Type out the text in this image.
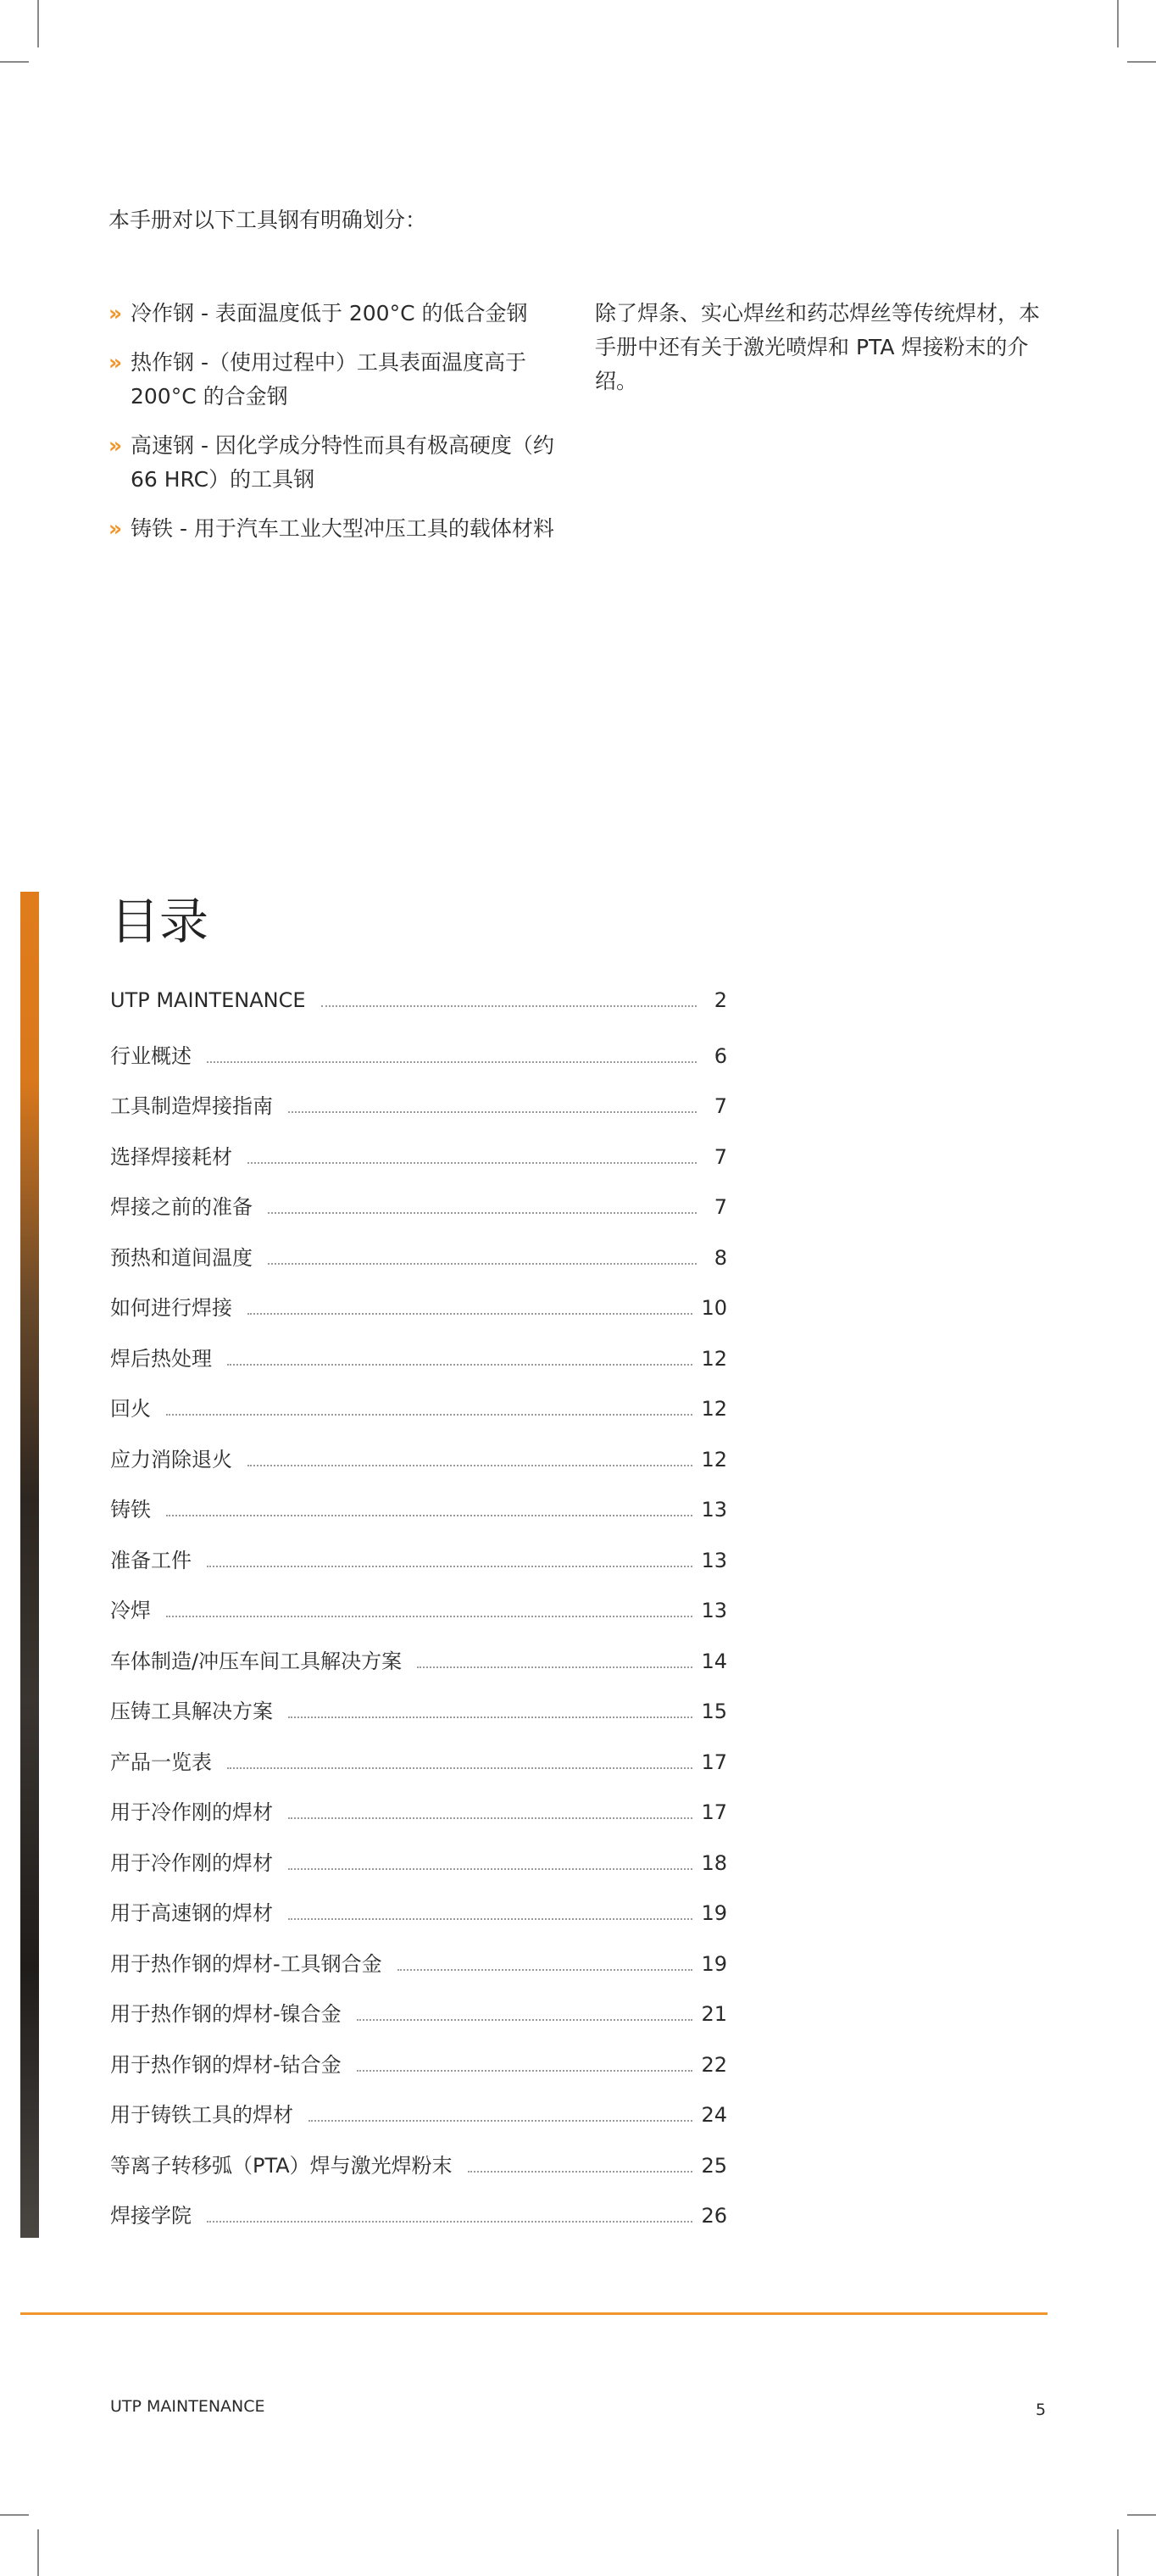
本手册对以下工具钢有明确划分：
» 冷作钢 - 表面温度低于 200°C 的低合金钢
» 热作钢 -（使用过程中）工具表面温度高于 200°C 的合金钢
» 高速钢 - 因化学成分特性而具有极高硬度（约 66 HRC）的工具钢
» 铸铁 - 用于汽车工业大型冲压工具的载体材料

除了焊条、实心焊丝和药芯焊丝等传统焊材，本手册中还有关于激光喷焊和 PTA 焊接粉末的介绍。

目录
UTP MAINTENANCE	2
行业概述	6
工具制造焊接指南	7
选择焊接耗材	7
焊接之前的准备	7
预热和道间温度	8
如何进行焊接	10
焊后热处理	12
回火	12
应力消除退火	12
铸铁	13
准备工件	13
冷焊	13
车体制造/冲压车间工具解决方案	14
压铸工具解决方案	15
产品一览表	17
用于冷作刚的焊材	17
用于冷作刚的焊材	18
用于高速钢的焊材	19
用于热作钢的焊材-工具钢合金	19
用于热作钢的焊材-镍合金	21
用于热作钢的焊材-钴合金	22
用于铸铁工具的焊材	24
等离子转移弧（PTA）焊与激光焊粉末	25
焊接学院	26
UTP MAINTENANCE	5
